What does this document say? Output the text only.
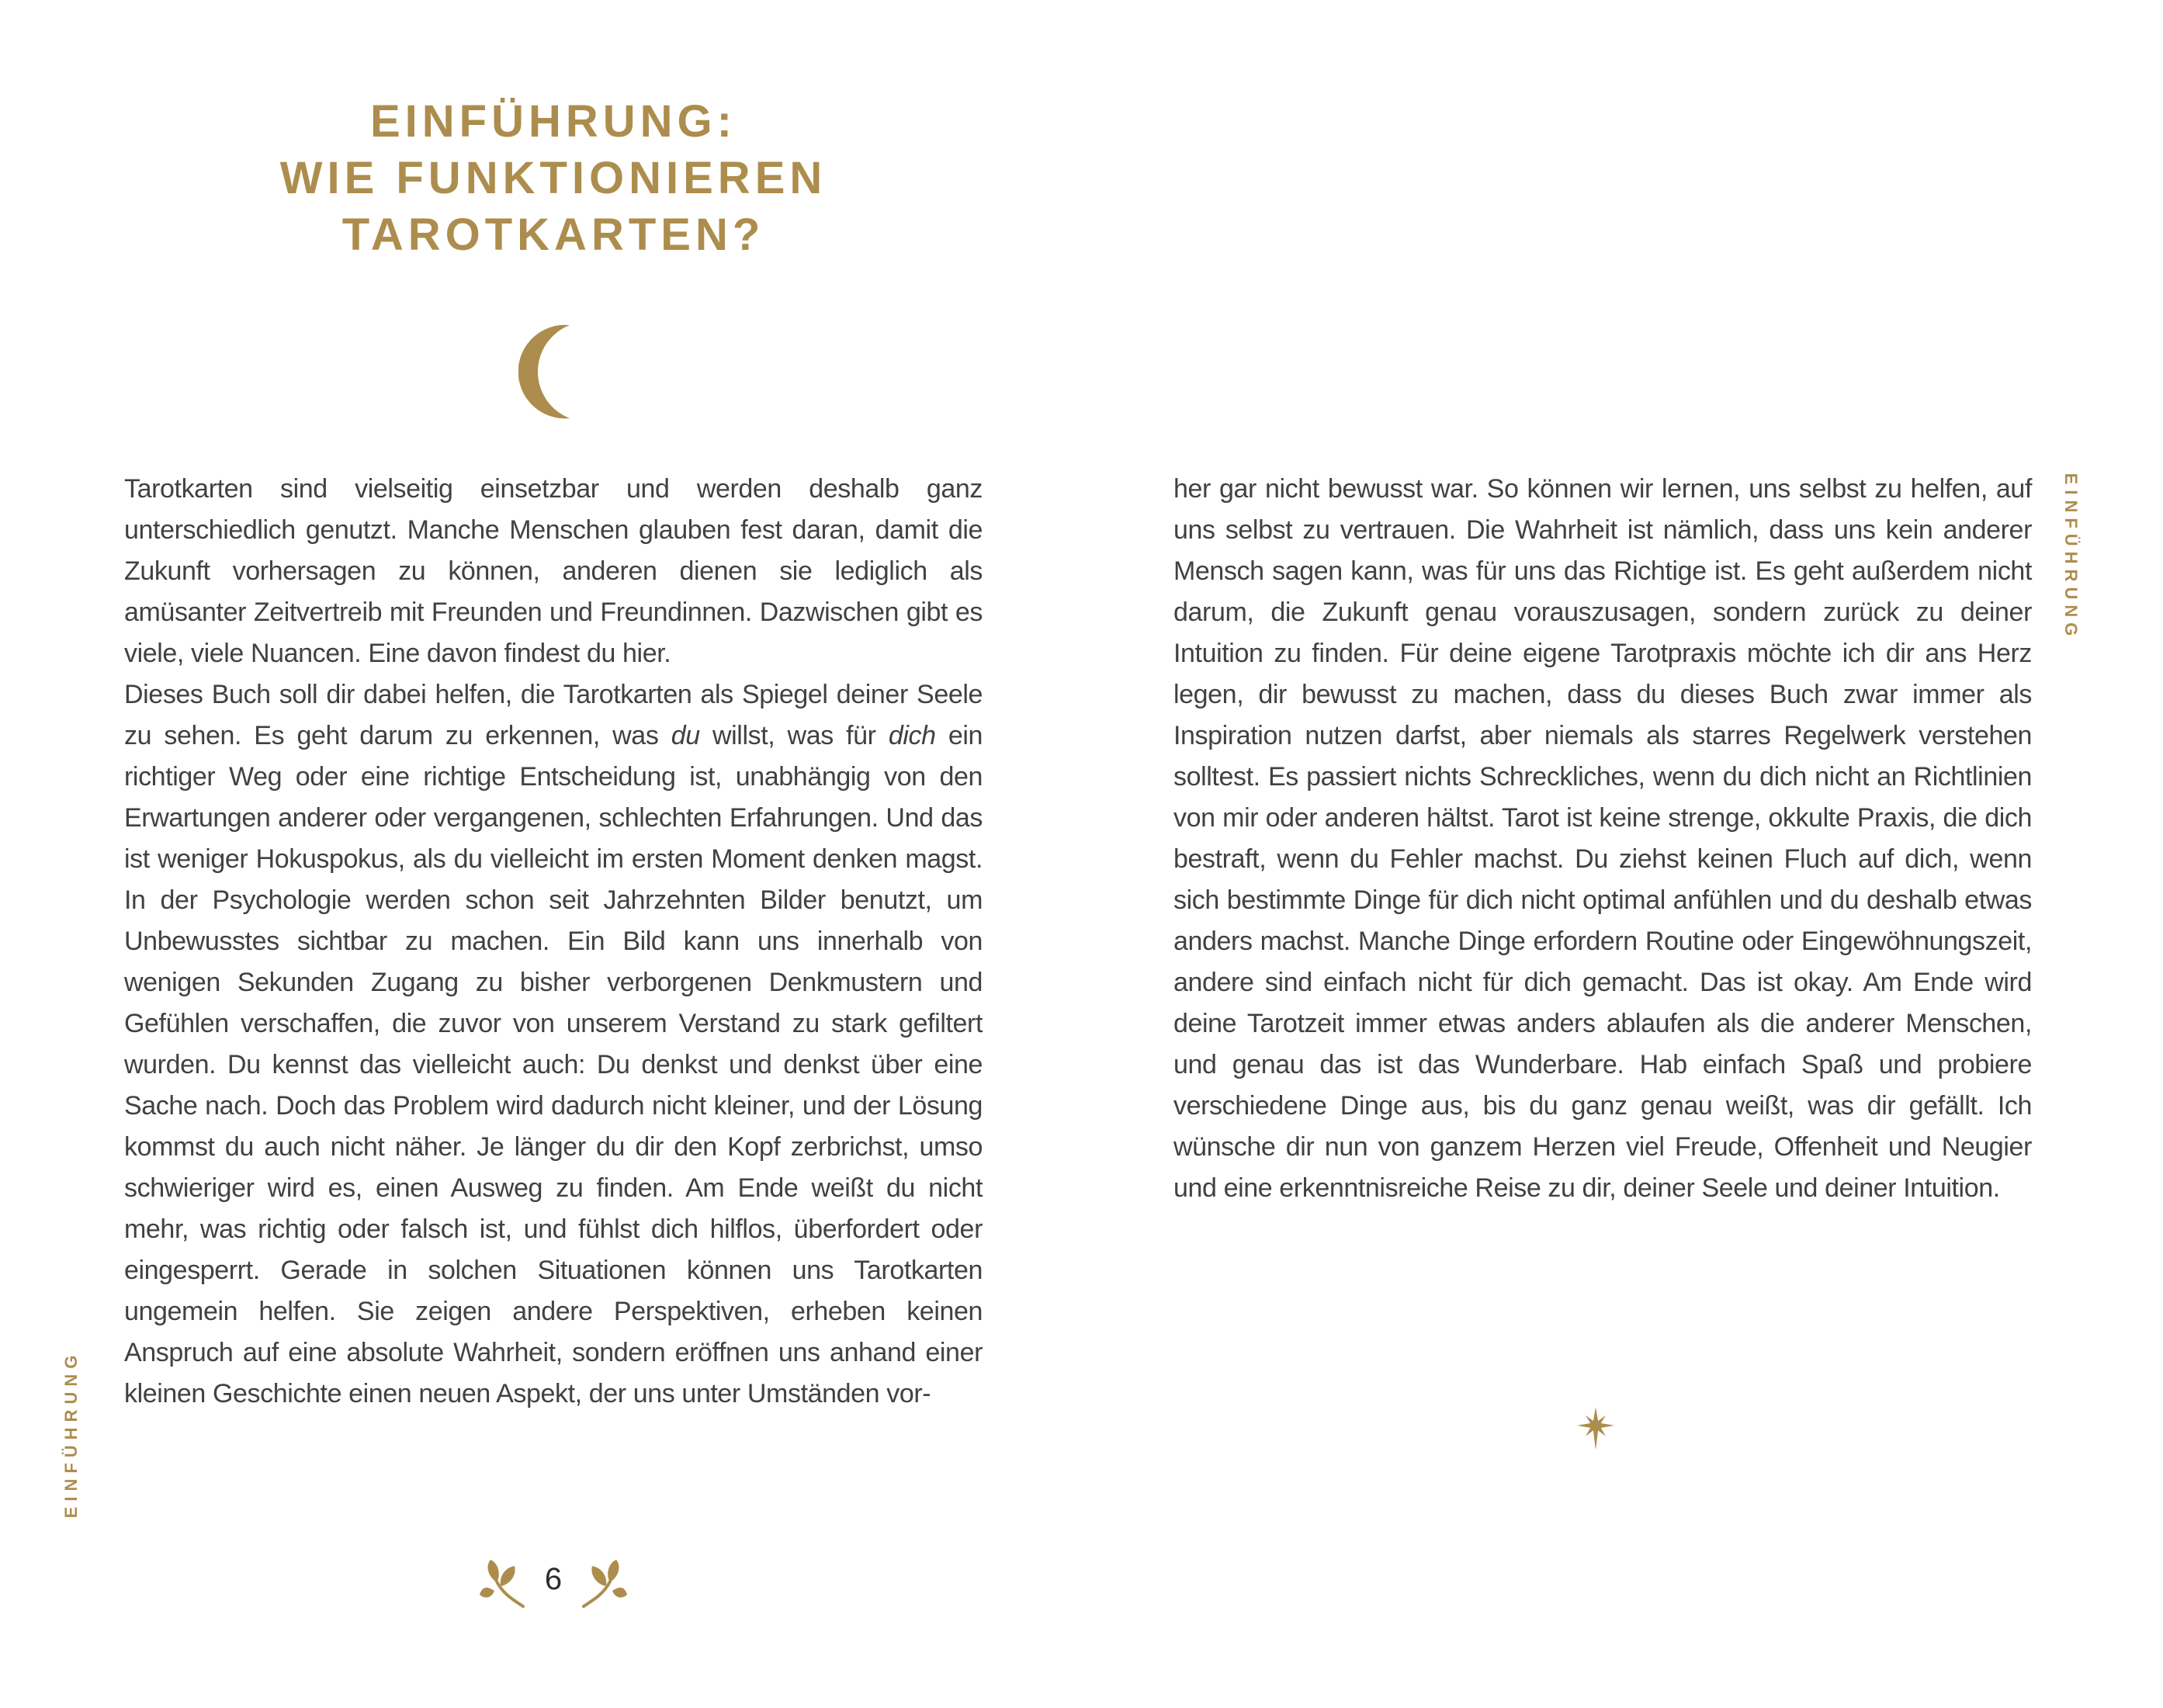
EINFÜHRUNG:
WIE FUNKTIONIEREN
TAROTKARTEN?

Tarotkarten sind vielseitig einsetzbar und werden deshalb ganz unterschiedlich genutzt. Manche Menschen glauben fest daran, damit die Zukunft vorhersagen zu können, anderen dienen sie lediglich als amüsanter Zeitvertreib mit Freunden und Freundinnen. Dazwischen gibt es viele, viele Nuancen. Eine davon findest du hier.

Dieses Buch soll dir dabei helfen, die Tarotkarten als Spiegel deiner Seele zu sehen. Es geht darum zu erkennen, was du willst, was für dich ein richtiger Weg oder eine richtige Entscheidung ist, unabhängig von den Erwartungen anderer oder vergangenen, schlechten Erfahrungen. Und das ist weniger Hokuspokus, als du vielleicht im ersten Moment denken magst. In der Psychologie werden schon seit Jahrzehnten Bilder benutzt, um Unbewusstes sichtbar zu machen. Ein Bild kann uns innerhalb von wenigen Sekunden Zugang zu bisher verborgenen Denkmustern und Gefühlen verschaffen, die zuvor von unserem Verstand zu stark gefiltert wurden. Du kennst das vielleicht auch: Du denkst und denkst über eine Sache nach. Doch das Problem wird dadurch nicht kleiner, und der Lösung kommst du auch nicht näher. Je länger du dir den Kopf zerbrichst, umso schwieriger wird es, einen Ausweg zu finden. Am Ende weißt du nicht mehr, was richtig oder falsch ist, und fühlst dich hilflos, überfordert oder eingesperrt. Gerade in solchen Situationen können uns Tarotkarten ungemein helfen. Sie zeigen andere Perspektiven, erheben keinen Anspruch auf eine absolute Wahrheit, sondern eröffnen uns anhand einer kleinen Geschichte einen neuen Aspekt, der uns unter Umständen vor-

her gar nicht bewusst war. So können wir lernen, uns selbst zu helfen, auf uns selbst zu vertrauen. Die Wahrheit ist nämlich, dass uns kein anderer Mensch sagen kann, was für uns das Richtige ist. Es geht außerdem nicht darum, die Zukunft genau vorauszusagen, sondern zurück zu deiner Intuition zu finden. Für deine eigene Tarotpraxis möchte ich dir ans Herz legen, dir bewusst zu machen, dass du dieses Buch zwar immer als Inspiration nutzen darfst, aber niemals als starres Regelwerk verstehen solltest. Es passiert nichts Schreckliches, wenn du dich nicht an Richtlinien von mir oder anderen hältst. Tarot ist keine strenge, okkulte Praxis, die dich bestraft, wenn du Fehler machst. Du ziehst keinen Fluch auf dich, wenn sich bestimmte Dinge für dich nicht optimal anfühlen und du deshalb etwas anders machst. Manche Dinge erfordern Routine oder Eingewöhnungszeit, andere sind einfach nicht für dich gemacht. Das ist okay. Am Ende wird deine Tarotzeit immer etwas anders ablaufen als die anderer Menschen, und genau das ist das Wunderbare. Hab einfach Spaß und probiere verschiedene Dinge aus, bis du ganz genau weißt, was dir gefällt. Ich wünsche dir nun von ganzem Herzen viel Freude, Offenheit und Neugier und eine erkenntnisreiche Reise zu dir, deiner Seele und deiner Intuition.

EINFÜHRUNG
EINFÜHRUNG
6
